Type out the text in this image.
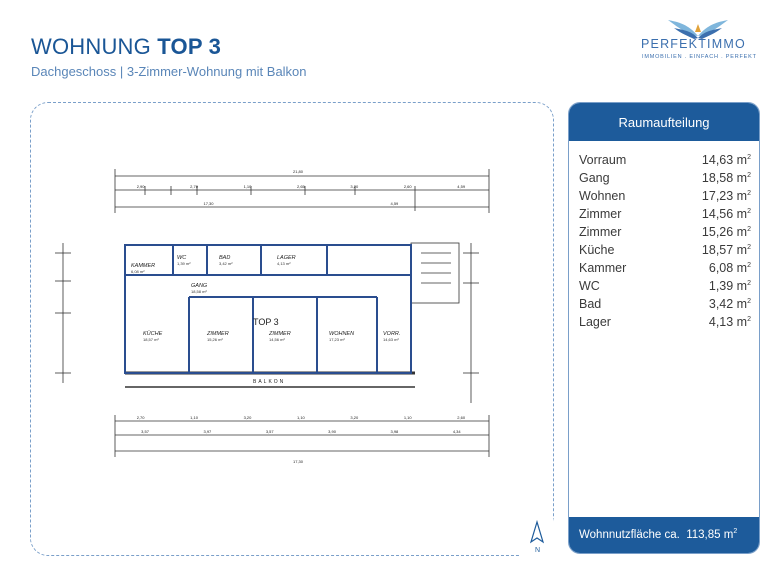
WOHNUNG TOP 3
Dachgeschoss | 3-Zimmer-Wohnung mit Balkon
PERFEKTIMMO
IMMOBILIEN . EINFACH . PERFEKT
KAMMER
WC	BAD	LAGER
GANG
KÜCHE	ZIMMER	ZIMMER	WOHNEN	VORR.
6,08 m²
1,39 m²	3,42 m²	4,13 m²
18,58 m²
18,57 m²	15,26 m²	14,56 m²	17,23 m²	14,63 m²
TOP 3
BALKON
21,80
2,90	2,70	1,10	2,65	3,20	2,60	4,59
17,30	4,59
2,70	1,10	3,20	1,10	3,20	1,10	2,60
3,57	3,97	3,57	3,90	3,98	4,34
17,30
N
Raumaufteilung
Vorraum	14,63 $m^2$
Gang	18,58 $m^2$
Wohnen	17,23 $m^2$
Zimmer	14,56 $m^2$
Zimmer	15,26 $m^2$
Küche	18,57 $m^2$
Kammer	6,08 $m^2$
WC	1,39 $m^2$
Bad	3,42 $m^2$
Lager	4,13 $m^2$
Wohnnutzfläche ca. 113,85 $m^2$
